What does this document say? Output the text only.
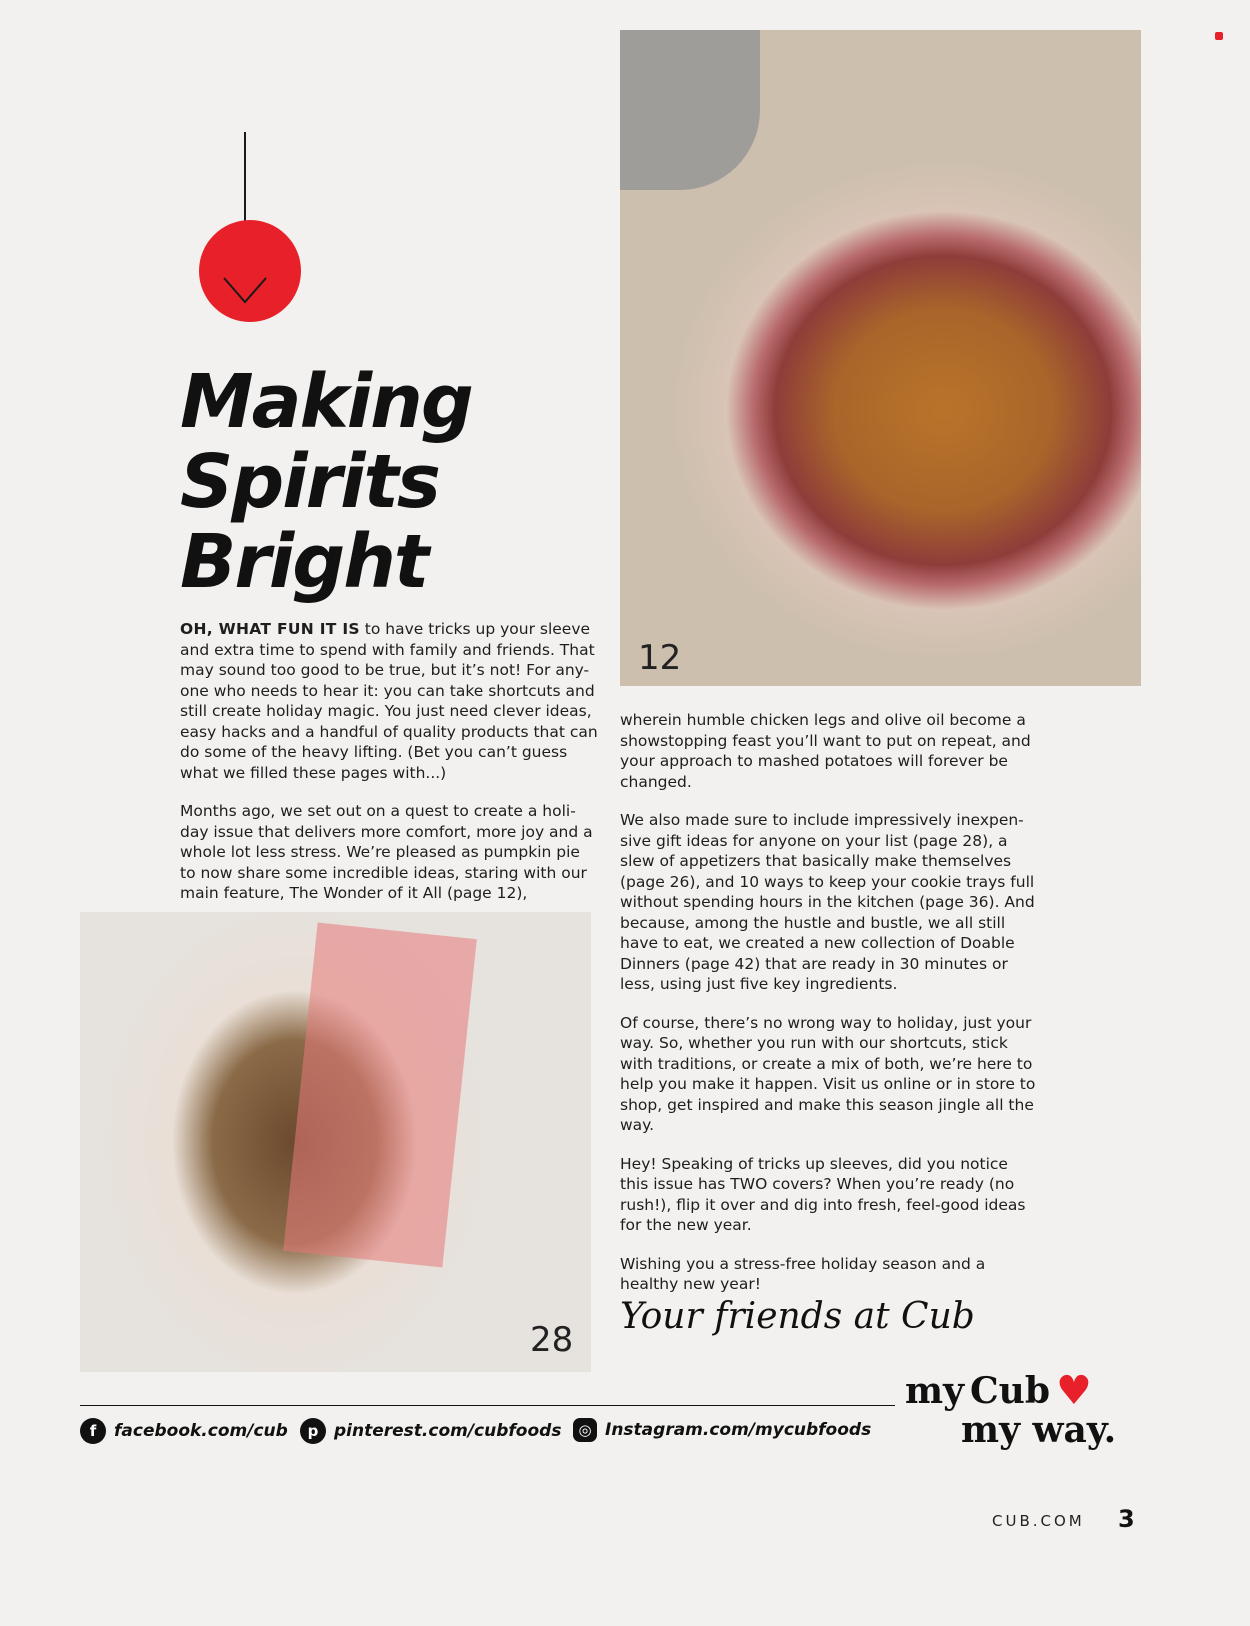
Making
Spirits
Bright

OH, WHAT FUN IT IS to have tricks up your sleeve and extra time to spend with family and friends. That may sound too good to be true, but it’s not! For any-one who needs to hear it: you can take shortcuts and still create holiday magic. You just need clever ideas, easy hacks and a handful of quality products that can do some of the heavy lifting. (Bet you can’t guess what we filled these pages with...)

Months ago, we set out on a quest to create a holi-day issue that delivers more comfort, more joy and a whole lot less stress. We’re pleased as pumpkin pie to now share some incredible ideas, staring with our main feature, The Wonder of it All (page 12),

12
28

wherein humble chicken legs and olive oil become a showstopping feast you’ll want to put on repeat, and your approach to mashed potatoes will forever be changed.

We also made sure to include impressively inexpen-sive gift ideas for anyone on your list (page 28), a slew of appetizers that basically make themselves (page 26), and 10 ways to keep your cookie trays full without spending hours in the kitchen (page 36). And because, among the hustle and bustle, we all still have to eat, we created a new collection of Doable Dinners (page 42) that are ready in 30 minutes or less, using just five key ingredients.

Of course, there’s no wrong way to holiday, just your way. So, whether you run with our shortcuts, stick with traditions, or create a mix of both, we’re here to help you make it happen. Visit us online or in store to shop, get inspired and make this season jingle all the way.

Hey! Speaking of tricks up sleeves, did you notice this issue has TWO covers? When you’re ready (no rush!), flip it over and dig into fresh, feel-good ideas for the new year.

Wishing you a stress-free holiday season and a healthy new year!

Your friends at Cub
f	facebook.com/cub	p pinterest.com/cubfoods	◎ Instagram.com/mycubfoods
my Cub ♥
my way.
CUB.COM 3
